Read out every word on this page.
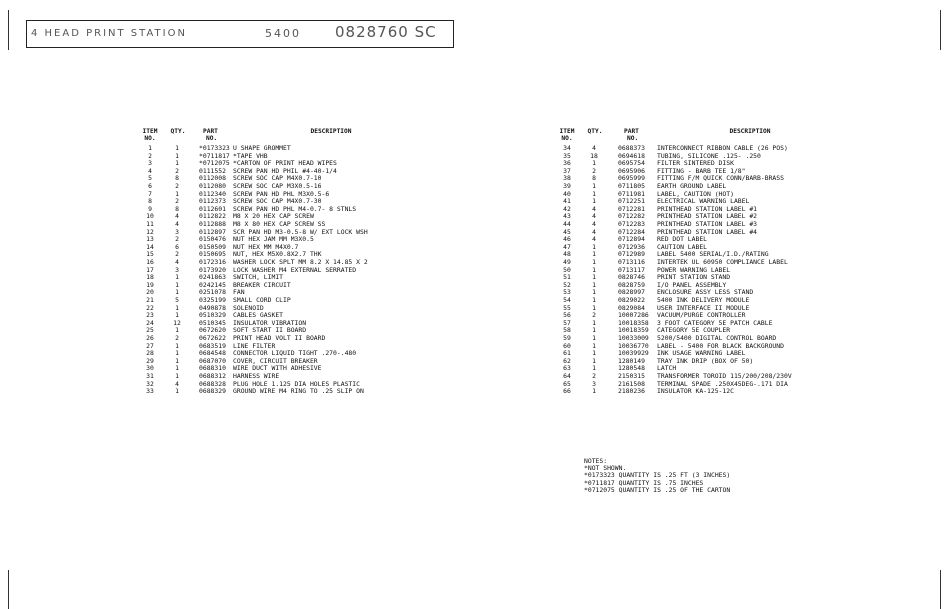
4 HEAD PRINT STATION	5400 0828760 SC
ITEM
NO.
QTY.	PART
NO.
DESCRIPTION
1	1	*0173323 U SHAPE GROMMET
2	1	*0711817 *TAPE VHB
3	1	*0712075 *CARTON OF PRINT HEAD WIPES
4	2	0111552 SCREW PAN HD PHIL #4-40-1/4
5	8	0112008 SCREW SOC CAP M4X0.7-10
6	2	0112080 SCREW SOC CAP M3X0.5-16
7	1	0112340 SCREW PAN HD PHL M3X0.5-6
8	2	0112373 SCREW SOC CAP M4X0.7-30
9	8	0112601 SCREW PAN HD PHL M4-0.7- 8 STNLS
10	4	0112822 M8 X 20 HEX CAP SCREW
11	4	0112888 M8 X 80 HEX CAP SCREW SS
12	3	0112897 SCR PAN HD M3-0.5-8 W/ EXT LOCK WSH
13	2	0150476 NUT HEX JAM MM M3X0.5
14	6	0150509 NUT HEX MM M4X0.7
15	2	0150695 NUT, HEX M5X0.8X2.7 THK
16	4	0172316 WASHER LOCK SPLT MM 8.2 X 14.85 X 2
17	3	0173920 LOCK WASHER M4 EXTERNAL SERRATED
18	1	0241863 SWITCH, LIMIT
19	1	0242145 BREAKER CIRCUIT
20	1	0251078 FAN
21	5	0325199 SMALL CORD CLIP
22	1	0490878 SOLENOID
23	1	0510329 CABLES GASKET
24	12	0510345 INSULATOR VIBRATION
25	1	0672620 SOFT START II BOARD
26	2	0672622 PRINT HEAD VOLT II BOARD
27	1	0683519 LINE FILTER
28	1	0684548 CONNECTOR LIQUID TIGHT .270-.480
29	1	0687070 COVER, CIRCUIT BREAKER
30	1	0688310 WIRE DUCT WITH ADHESIVE
31	1	0688312 HARNESS WIRE
32	4	0688328 PLUG HOLE 1.125 DIA HOLES PLASTIC
33	1	0688329 GROUND WIRE M4 RING TO .25 SLIP ON
ITEM
NO.
QTY.	PART
NO.
DESCRIPTION
34	4	0688373 INTERCONNECT RIBBON CABLE (26 POS)
35	18	0694618 TUBING, SILICONE .125- .250
36	1	0695754 FILTER SINTERED DISK
37	2	0695906 FITTING - BARB TEE 1/8"
38	8	0695999 FITTING F/M QUICK CONN/BARB-BRASS
39	1	0711805 EARTH GROUND LABEL
40	1	0711981 LABEL, CAUTION (HOT)
41	1	0712251 ELECTRICAL WARNING LABEL
42	4	0712281 PRINTHEAD STATION LABEL #1
43	4	0712282 PRINTHEAD STATION LABEL #2
44	4	0712283 PRINTHEAD STATION LABEL #3
45	4	0712284 PRINTHEAD STATION LABEL #4
46	4	0712894 RED DOT LABEL
47	1	0712936 CAUTION LABEL
48	1	0712989 LABEL 5400 SERIAL/I.D./RATING
49	1	0713116 INTERTEK UL 60950 COMPLIANCE LABEL
50	1	0713117 POWER WARNING LABEL
51	1	0828746 PRINT STATION STAND
52	1	0828759 I/O PANEL ASSEMBLY
53	1	0828997 ENCLOSURE ASSY LESS STAND
54	1	0829022 5400 INK DELIVERY MODULE
55	1	0829084 USER INTERFACE II MODULE
56	2	10007286 VACUUM/PURGE CONTROLLER
57	1	10018358 3 FOOT CATEGORY 5E PATCH CABLE
58	1	10018359 CATEGORY 5E COUPLER
59	1	10033009 5200/5400 DIGITAL CONTROL BOARD
60	1	10036770 LABEL - 5400 FOR BLACK BACKGROUND
61	1	10039929 INK USAGE WARNING LABEL
62	1	1280149 TRAY INK DRIP (BOX OF 50)
63	1	1280548 LATCH
64	2	2150315 TRANSFORMER TOROID 115/200/208/230V
65	3	2161508 TERMINAL SPADE .250X45DEG-.171 DIA
66	1	2180236 INSULATOR KA-125-12C
NOTES:
*NOT SHOWN.
*0173323 QUANTITY IS .25 FT (3 INCHES)
*0711817 QUANTITY IS .75 INCHES
*0712075 QUANTITY IS .25 OF THE CARTON
